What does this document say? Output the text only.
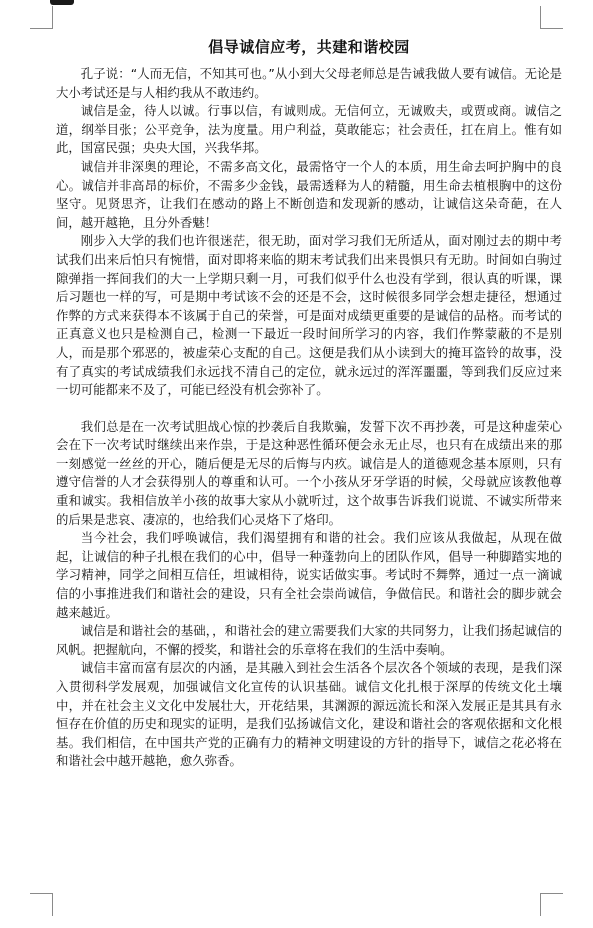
倡导诚信应考，共建和谐校园

孔子说：“人而无信，不知其可也。”从小到大父母老师总是告诫我做人要有诚信。无论是大小考试还是与人相约我从不敢违约。

诚信是金，待人以诚。行事以信，有诚则成。无信何立，无诚败夫，或贾或商。诚信之道，纲举目张；公平竞争，法为度量。用户利益，莫敢能忘；社会责任，扛在肩上。惟有如此，国富民强；央央大国，兴我华邦。

诚信并非深奥的理论，不需多高文化，最需恪守一个人的本质，用生命去呵护胸中的良心。诚信并非高昂的标价，不需多少金钱，最需透释为人的精髓，用生命去植根胸中的这份坚守。见贤思齐，让我们在感动的路上不断创造和发现新的感动，让诚信这朵奇葩，在人间，越开越艳，且分外香魅！

刚步入大学的我们也许很迷茫，很无助，面对学习我们无所适从，面对刚过去的期中考试我们出来后怕只有惋惜，面对即将来临的期末考试我们出来畏惧只有无助。时间如白驹过隙弹指一挥间我们的大一上学期只剩一月，可我们似乎什么也没有学到，很认真的听课，课后习题也一样的写，可是期中考试该不会的还是不会，这时候很多同学会想走捷径，想通过作弊的方式来获得本不该属于自己的荣誉，可是面对成绩更重要的是诚信的品格。而考试的正真意义也只是检测自己，检测一下最近一段时间所学习的内容，我们作弊蒙蔽的不是别人，而是那个邪恶的，被虚荣心支配的自己。这便是我们从小读到大的掩耳盗铃的故事，没有了真实的考试成绩我们永远找不清自己的定位，就永远过的浑浑噩噩，等到我们反应过来一切可能都来不及了，可能已经没有机会弥补了。

我们总是在一次考试胆战心惊的抄袭后自我欺骗，发誓下次不再抄袭，可是这种虚荣心会在下一次考试时继续出来作祟，于是这种恶性循环便会永无止尽，也只有在成绩出来的那一刻感觉一丝丝的开心，随后便是无尽的后悔与内疚。诚信是人的道德观念基本原则，只有遵守信誉的人才会获得别人的尊重和认可。一个小孩从牙牙学语的时候，父母就应该教他尊重和诚实。我相信放羊小孩的故事大家从小就听过，这个故事告诉我们说谎、不诚实所带来的后果是悲哀、凄凉的，也给我们心灵烙下了烙印。

当今社会，我们呼唤诚信，我们渴望拥有和谐的社会。我们应该从我做起，从现在做起，让诚信的种子扎根在我们的心中，倡导一种蓬勃向上的团队作风，倡导一种脚踏实地的学习精神，同学之间相互信任，坦诚相待，说实话做实事。考试时不舞弊，通过一点一滴诚信的小事推进我们和谐社会的建设，只有全社会崇尚诚信，争做信民。和谐社会的脚步就会越来越近。

诚信是和谐社会的基础，，和谐社会的建立需要我们大家的共同努力，让我们扬起诚信的风帆。把握航向，不懈的授奖，和谐社会的乐章将在我们的生活中奏响。

诚信丰富而富有层次的内涵，是其融入到社会生活各个层次各个领域的表现，是我们深入贯彻科学发展观，加强诚信文化宣传的认识基础。诚信文化扎根于深厚的传统文化土壤中，并在社会主义文化中发展壮大，开花结果，其渊源的源远流长和深入发展正是其具有永恒存在价值的历史和现实的证明，是我们弘扬诚信文化，建设和谐社会的客观依据和文化根基。我们相信，在中国共产党的正确有力的精神文明建设的方针的指导下，诚信之花必将在和谐社会中越开越艳，愈久弥香。
